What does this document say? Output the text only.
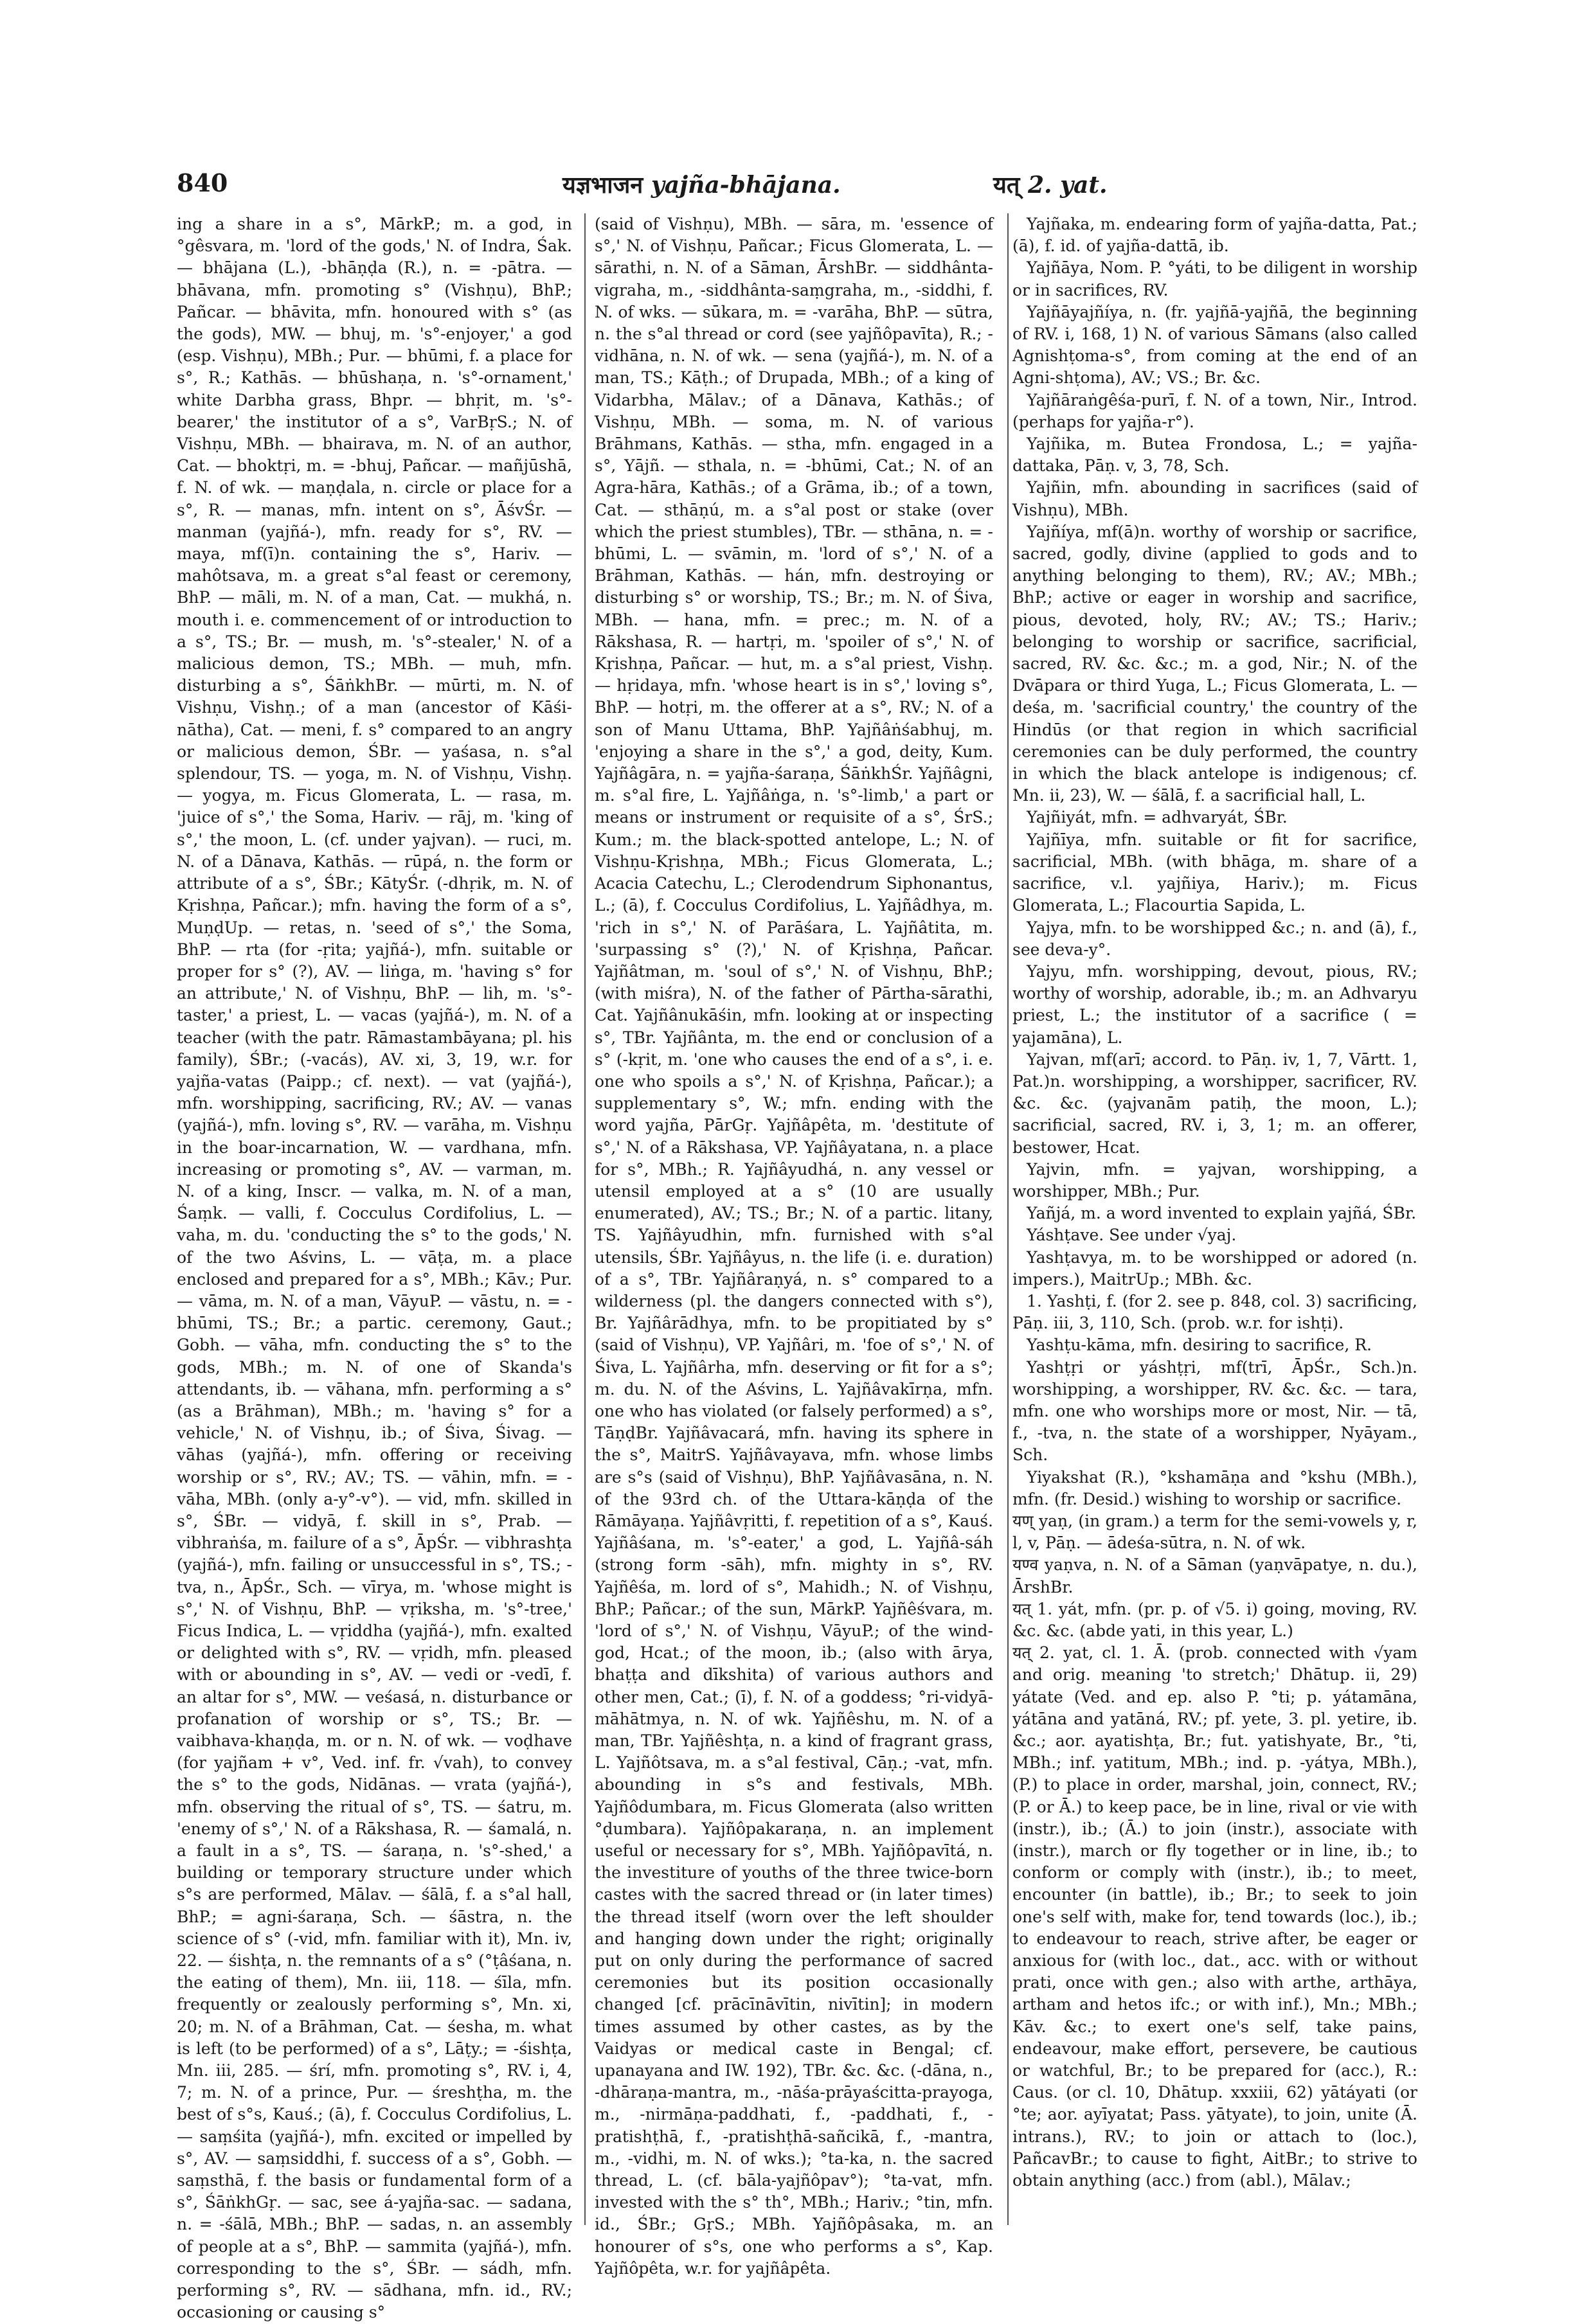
840	यज्ञभाजन yajña-bhājana.	यत् 2. yat.

ing a share in a s°, MārkP.; m. a god, in °gêsvara, m. 'lord of the gods,' N. of Indra, Śak. — bhājana (L.), -bhāṇḍa (R.), n. = -pātra. — bhāvana, mfn. promoting s° (Vishṇu), BhP.; Pañcar. — bhāvita, mfn. honoured with s° (as the gods), MW. — bhuj, m. 's°-enjoyer,' a god (esp. Vishṇu), MBh.; Pur. — bhūmi, f. a place for s°, R.; Kathās. — bhūshaṇa, n. 's°-ornament,' white Darbha grass, Bhpr. — bhṛit, m. 's°-bearer,' the institutor of a s°, VarBṛS.; N. of Vishṇu, MBh. — bhairava, m. N. of an author, Cat. — bhoktṛi, m. = -bhuj, Pañcar. — mañjūshā, f. N. of wk. — maṇḍala, n. circle or place for a s°, R. — manas, mfn. intent on s°, ĀśvŚr. — manman (yajñá-), mfn. ready for s°, RV. — maya, mf(ī)n. containing the s°, Hariv. — mahôtsava, m. a great s°al feast or ceremony, BhP. — māli, m. N. of a man, Cat. — mukhá, n. mouth i. e. commencement of or introduction to a s°, TS.; Br. — mush, m. 's°-stealer,' N. of a malicious demon, TS.; MBh. — muh, mfn. disturbing a s°, ŚāṅkhBr. — mūrti, m. N. of Vishṇu, Vishṇ.; of a man (ancestor of Kāśi-nātha), Cat. — meni, f. s° compared to an angry or malicious demon, ŚBr. — yaśasa, n. s°al splendour, TS. — yoga, m. N. of Vishṇu, Vishṇ. — yogya, m. Ficus Glomerata, L. — rasa, m. 'juice of s°,' the Soma, Hariv. — rāj, m. 'king of s°,' the moon, L. (cf. under yajvan). — ruci, m. N. of a Dānava, Kathās. — rūpá, n. the form or attribute of a s°, ŚBr.; KātyŚr. (-dhṛik, m. N. of Kṛishṇa, Pañcar.); mfn. having the form of a s°, MuṇḍUp. — retas, n. 'seed of s°,' the Soma, BhP. — rta (for -ṛita; yajñá-), mfn. suitable or proper for s° (?), AV. — liṅga, m. 'having s° for an attribute,' N. of Vishṇu, BhP. — lih, m. 's°-taster,' a priest, L. — vacas (yajñá-), m. N. of a teacher (with the patr. Rāmastambāyana; pl. his family), ŚBr.; (-vacás), AV. xi, 3, 19, w.r. for yajña-vatas (Paipp.; cf. next). — vat (yajñá-), mfn. worshipping, sacrificing, RV.; AV. — vanas (yajñá-), mfn. loving s°, RV. — varāha, m. Vishṇu in the boar-incarnation, W. — vardhana, mfn. increasing or promoting s°, AV. — varman, m. N. of a king, Inscr. — valka, m. N. of a man, Śaṃk. — valli, f. Cocculus Cordifolius, L. — vaha, m. du. 'conducting the s° to the gods,' N. of the two Aśvins, L. — vāṭa, m. a place enclosed and prepared for a s°, MBh.; Kāv.; Pur. — vāma, m. N. of a man, VāyuP. — vāstu, n. = -bhūmi, TS.; Br.; a partic. ceremony, Gaut.; Gobh. — vāha, mfn. conducting the s° to the gods, MBh.; m. N. of one of Skanda's attendants, ib. — vāhana, mfn. performing a s° (as a Brāhman), MBh.; m. 'having s° for a vehicle,' N. of Vishṇu, ib.; of Śiva, Śivag. — vāhas (yajñá-), mfn. offering or receiving worship or s°, RV.; AV.; TS. — vāhin, mfn. = -vāha, MBh. (only a-y°-v°). — vid, mfn. skilled in s°, ŚBr. — vidyā, f. skill in s°, Prab. — vibhraṅśa, m. failure of a s°, ĀpŚr. — vibhrashṭa (yajñá-), mfn. failing or unsuccessful in s°, TS.; -tva, n., ĀpŚr., Sch. — vīrya, m. 'whose might is s°,' N. of Vishṇu, BhP. — vṛiksha, m. 's°-tree,' Ficus Indica, L. — vṛiddha (yajñá-), mfn. exalted or delighted with s°, RV. — vṛidh, mfn. pleased with or abounding in s°, AV. — vedi or -vedī, f. an altar for s°, MW. — veśasá, n. disturbance or profanation of worship or s°, TS.; Br. — vaibhava-khaṇḍa, m. or n. N. of wk. — voḍhave (for yajñam + v°, Ved. inf. fr. √vah), to convey the s° to the gods, Nidānas. — vrata (yajñá-), mfn. observing the ritual of s°, TS. — śatru, m. 'enemy of s°,' N. of a Rākshasa, R. — śamalá, n. a fault in a s°, TS. — śaraṇa, n. 's°-shed,' a building or temporary structure under which s°s are performed, Mālav. — śālā, f. a s°al hall, BhP.; = agni-śaraṇa, Sch. — śāstra, n. the science of s° (-vid, mfn. familiar with it), Mn. iv, 22. — śishṭa, n. the remnants of a s° (°ṭâśana, n. the eating of them), Mn. iii, 118. — śīla, mfn. frequently or zealously performing s°, Mn. xi, 20; m. N. of a Brāhman, Cat. — śesha, m. what is left (to be performed) of a s°, Lāṭy.; = -śishṭa, Mn. iii, 285. — śrí, mfn. promoting s°, RV. i, 4, 7; m. N. of a prince, Pur. — śreshṭha, m. the best of s°s, Kauś.; (ā), f. Cocculus Cordifolius, L. — saṃśita (yajñá-), mfn. excited or impelled by s°, AV. — saṃsiddhi, f. success of a s°, Gobh. — saṃsthā, f. the basis or fundamental form of a s°, ŚāṅkhGṛ. — sac, see á-yajña-sac. — sadana, n. = -śālā, MBh.; BhP. — sadas, n. an assembly of people at a s°, BhP. — sammita (yajñá-), mfn. corresponding to the s°, ŚBr. — sádh, mfn. performing s°, RV. — sādhana, mfn. id., RV.; occasioning or causing s°

(said of Vishṇu), MBh. — sāra, m. 'essence of s°,' N. of Vishṇu, Pañcar.; Ficus Glomerata, L. — sārathi, n. N. of a Sāman, ĀrshBr. — siddhânta-vigraha, m., -siddhânta-saṃgraha, m., -siddhi, f. N. of wks. — sūkara, m. = -varāha, BhP. — sūtra, n. the s°al thread or cord (see yajñôpavīta), R.; -vidhāna, n. N. of wk. — sena (yajñá-), m. N. of a man, TS.; Kāṭh.; of Drupada, MBh.; of a king of Vidarbha, Mālav.; of a Dānava, Kathās.; of Vishṇu, MBh. — soma, m. N. of various Brāhmans, Kathās. — stha, mfn. engaged in a s°, Yājñ. — sthala, n. = -bhūmi, Cat.; N. of an Agra-hāra, Kathās.; of a Grāma, ib.; of a town, Cat. — sthāṇú, m. a s°al post or stake (over which the priest stumbles), TBr. — sthāna, n. = -bhūmi, L. — svāmin, m. 'lord of s°,' N. of a Brāhman, Kathās. — hán, mfn. destroying or disturbing s° or worship, TS.; Br.; m. N. of Śiva, MBh. — hana, mfn. = prec.; m. N. of a Rākshasa, R. — hartṛi, m. 'spoiler of s°,' N. of Kṛishṇa, Pañcar. — hut, m. a s°al priest, Vishṇ. — hṛidaya, mfn. 'whose heart is in s°,' loving s°, BhP. — hotṛi, m. the offerer at a s°, RV.; N. of a son of Manu Uttama, BhP. Yajñâṅśabhuj, m. 'enjoying a share in the s°,' a god, deity, Kum. Yajñâgāra, n. = yajña-śaraṇa, ŚāṅkhŚr. Yajñâgni, m. s°al fire, L. Yajñâṅga, n. 's°-limb,' a part or means or instrument or requisite of a s°, ŚrS.; Kum.; m. the black-spotted antelope, L.; N. of Vishṇu-Kṛishṇa, MBh.; Ficus Glomerata, L.; Acacia Catechu, L.; Clerodendrum Siphonantus, L.; (ā), f. Cocculus Cordifolius, L. Yajñâdhya, m. 'rich in s°,' N. of Parāśara, L. Yajñâtita, m. 'surpassing s° (?),' N. of Kṛishṇa, Pañcar. Yajñâtman, m. 'soul of s°,' N. of Vishṇu, BhP.; (with miśra), N. of the father of Pārtha-sārathi, Cat. Yajñânukāśin, mfn. looking at or inspecting s°, TBr. Yajñânta, m. the end or conclusion of a s° (-kṛit, m. 'one who causes the end of a s°, i. e. one who spoils a s°,' N. of Kṛishṇa, Pañcar.); a supplementary s°, W.; mfn. ending with the word yajña, PārGṛ. Yajñâpêta, m. 'destitute of s°,' N. of a Rākshasa, VP. Yajñâyatana, n. a place for s°, MBh.; R. Yajñâyudhá, n. any vessel or utensil employed at a s° (10 are usually enumerated), AV.; TS.; Br.; N. of a partic. litany, TS. Yajñâyudhin, mfn. furnished with s°al utensils, ŚBr. Yajñâyus, n. the life (i. e. duration) of a s°, TBr. Yajñâraṇyá, n. s° compared to a wilderness (pl. the dangers connected with s°), Br. Yajñârādhya, mfn. to be propitiated by s° (said of Vishṇu), VP. Yajñâri, m. 'foe of s°,' N. of Śiva, L. Yajñârha, mfn. deserving or fit for a s°; m. du. N. of the Aśvins, L. Yajñâvakīrṇa, mfn. one who has violated (or falsely performed) a s°, TāṇḍBr. Yajñâvacará, mfn. having its sphere in the s°, MaitrS. Yajñâvayava, mfn. whose limbs are s°s (said of Vishṇu), BhP. Yajñâvasāna, n. N. of the 93rd ch. of the Uttara-kāṇḍa of the Rāmāyaṇa. Yajñâvṛitti, f. repetition of a s°, Kauś. Yajñâśana, m. 's°-eater,' a god, L. Yajñâ-sáh (strong form -sāh), mfn. mighty in s°, RV. Yajñêśa, m. lord of s°, Mahidh.; N. of Vishṇu, BhP.; Pañcar.; of the sun, MārkP. Yajñêśvara, m. 'lord of s°,' N. of Vishṇu, VāyuP.; of the wind-god, Hcat.; of the moon, ib.; (also with ārya, bhaṭṭa and dīkshita) of various authors and other men, Cat.; (ī), f. N. of a goddess; °ri-vidyā-māhātmya, n. N. of wk. Yajñêshu, m. N. of a man, TBr. Yajñêshṭa, n. a kind of fragrant grass, L. Yajñôtsava, m. a s°al festival, Cāṇ.; -vat, mfn. abounding in s°s and festivals, MBh. Yajñôdumbara, m. Ficus Glomerata (also written °ḍumbara). Yajñôpakaraṇa, n. an implement useful or necessary for s°, MBh. Yajñôpavītá, n. the investiture of youths of the three twice-born castes with the sacred thread or (in later times) the thread itself (worn over the left shoulder and hanging down under the right; originally put on only during the performance of sacred ceremonies but its position occasionally changed [cf. prācīnāvītin, nivītin]; in modern times assumed by other castes, as by the Vaidyas or medical caste in Bengal; cf. upanayana and IW. 192), TBr. &c. &c. (-dāna, n., -dhāraṇa-mantra, m., -nāśa-prāyaścitta-prayoga, m., -nirmāṇa-paddhati, f., -paddhati, f., -pratishṭhā, f., -pratishṭhā-sañcikā, f., -mantra, m., -vidhi, m. N. of wks.); °ta-ka, n. the sacred thread, L. (cf. bāla-yajñôpav°); °ta-vat, mfn. invested with the s° th°, MBh.; Hariv.; °tin, mfn. id., ŚBr.; GṛS.; MBh. Yajñôpâsaka, m. an honourer of s°s, one who performs a s°, Kap. Yajñôpêta, w.r. for yajñâpêta.

Yajñaka, m. endearing form of yajña-datta, Pat.; (ā), f. id. of yajña-dattā, ib.

Yajñāya, Nom. P. °yáti, to be diligent in worship or in sacrifices, RV.

Yajñāyajñíya, n. (fr. yajñā-yajñā, the beginning of RV. i, 168, 1) N. of various Sāmans (also called Agnishṭoma-s°, from coming at the end of an Agni-shṭoma), AV.; VS.; Br. &c.

Yajñāraṅgêśa-purī, f. N. of a town, Nir., Introd. (perhaps for yajña-r°).

Yajñika, m. Butea Frondosa, L.; = yajña-dattaka, Pāṇ. v, 3, 78, Sch.

Yajñin, mfn. abounding in sacrifices (said of Vishṇu), MBh.

Yajñíya, mf(ā)n. worthy of worship or sacrifice, sacred, godly, divine (applied to gods and to anything belonging to them), RV.; AV.; MBh.; BhP.; active or eager in worship and sacrifice, pious, devoted, holy, RV.; AV.; TS.; Hariv.; belonging to worship or sacrifice, sacrificial, sacred, RV. &c. &c.; m. a god, Nir.; N. of the Dvāpara or third Yuga, L.; Ficus Glomerata, L. — deśa, m. 'sacrificial country,' the country of the Hindūs (or that region in which sacrificial ceremonies can be duly performed, the country in which the black antelope is indigenous; cf. Mn. ii, 23), W. — śālā, f. a sacrificial hall, L.

Yajñiyát, mfn. = adhvaryát, ŚBr.

Yajñīya, mfn. suitable or fit for sacrifice, sacrificial, MBh. (with bhāga, m. share of a sacrifice, v.l. yajñiya, Hariv.); m. Ficus Glomerata, L.; Flacourtia Sapida, L.

Yajya, mfn. to be worshipped &c.; n. and (ā), f., see deva-y°.

Yajyu, mfn. worshipping, devout, pious, RV.; worthy of worship, adorable, ib.; m. an Adhvaryu priest, L.; the institutor of a sacrifice ( = yajamāna), L.

Yajvan, mf(arī; accord. to Pāṇ. iv, 1, 7, Vārtt. 1, Pat.)n. worshipping, a worshipper, sacrificer, RV. &c. &c. (yajvanām patiḥ, the moon, L.); sacrificial, sacred, RV. i, 3, 1; m. an offerer, bestower, Hcat.

Yajvin, mfn. = yajvan, worshipping, a worshipper, MBh.; Pur.

Yañjá, m. a word invented to explain yajñá, ŚBr.

Yáshṭave. See under √yaj.

Yashṭavya, m. to be worshipped or adored (n. impers.), MaitrUp.; MBh. &c.

1. Yashṭi, f. (for 2. see p. 848, col. 3) sacrificing, Pāṇ. iii, 3, 110, Sch. (prob. w.r. for ishṭi).

Yashṭu-kāma, mfn. desiring to sacrifice, R.

Yashṭṛi or yáshṭṛi, mf(trī, ĀpŚr., Sch.)n. worshipping, a worshipper, RV. &c. &c. — tara, mfn. one who worships more or most, Nir. — tā, f., -tva, n. the state of a worshipper, Nyāyam., Sch.

Yiyakshat (R.), °kshamāṇa and °kshu (MBh.), mfn. (fr. Desid.) wishing to worship or sacrifice.

यण् yaṇ, (in gram.) a term for the semi-vowels y, r, l, v, Pāṇ. — ādeśa-sūtra, n. N. of wk.

यण्व yaṇva, n. N. of a Sāman (yaṇvāpatye, n. du.), ĀrshBr.

यत् 1. yát, mfn. (pr. p. of √5. i) going, moving, RV. &c. &c. (abde yati, in this year, L.)

यत् 2. yat, cl. 1. Ā. (prob. connected with √yam and orig. meaning 'to stretch;' Dhātup. ii, 29) yátate (Ved. and ep. also P. °ti; p. yátamāna, yátāna and yatāná, RV.; pf. yete, 3. pl. yetire, ib. &c.; aor. ayatishṭa, Br.; fut. yatishyate, Br., °ti, MBh.; inf. yatitum, MBh.; ind. p. -yátya, MBh.), (P.) to place in order, marshal, join, connect, RV.; (P. or Ā.) to keep pace, be in line, rival or vie with (instr.), ib.; (Ā.) to join (instr.), associate with (instr.), march or fly together or in line, ib.; to conform or comply with (instr.), ib.; to meet, encounter (in battle), ib.; Br.; to seek to join one's self with, make for, tend towards (loc.), ib.; to endeavour to reach, strive after, be eager or anxious for (with loc., dat., acc. with or without prati, once with gen.; also with arthe, arthāya, artham and hetos ifc.; or with inf.), Mn.; MBh.; Kāv. &c.; to exert one's self, take pains, endeavour, make effort, persevere, be cautious or watchful, Br.; to be prepared for (acc.), R.: Caus. (or cl. 10, Dhātup. xxxiii, 62) yātáyati (or °te; aor. ayīyatat; Pass. yātyate), to join, unite (Ā. intrans.), RV.; to join or attach to (loc.), PañcavBr.; to cause to fight, AitBr.; to strive to obtain anything (acc.) from (abl.), Mālav.;
